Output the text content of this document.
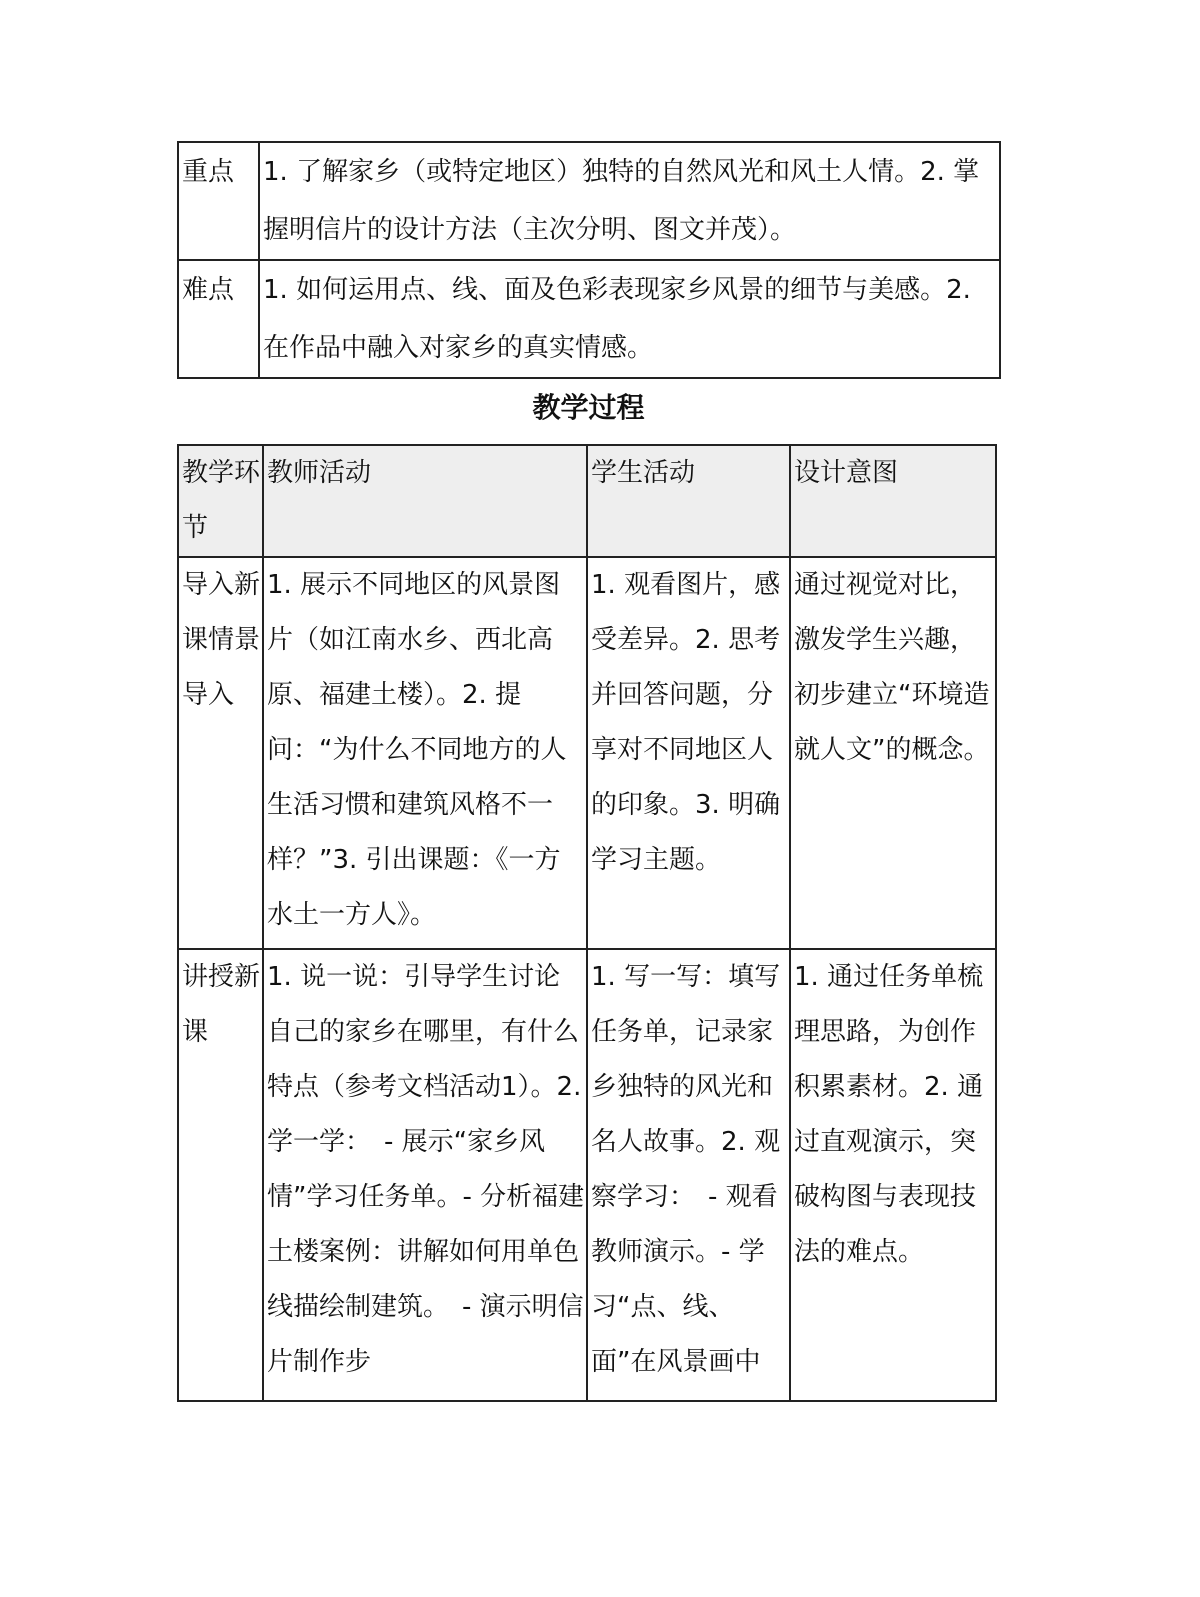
重点	1. 了解家乡（或特定地区）独特的自然风光和风土人情。2. 掌握明信片的设计方法（主次分明、图文并茂）。
难点	1. 如何运用点、线、面及色彩表现家乡风景的细节与美感。2. 在作品中融入对家乡的真实情感。
教学过程
教学环节	教师活动	学生活动	设计意图
导入新课情景导入	1. 展示不同地区的风景图片（如江南水乡、西北高原、福建土楼）。2. 提问：“为什么不同地方的人生活习惯和建筑风格不一样？”3. 引出课题：《一方水土一方人》。	1. 观看图片，感受差异。2. 思考并回答问题，分享对不同地区人的印象。3. 明确学习主题。	通过视觉对比，激发学生兴趣，初步建立“环境造就人文”的概念。
讲授新课	1. 说一说：引导学生讨论自己的家乡在哪里，有什么特点（参考文档活动1）。2. 学一学：　- 展示“家乡风情”学习任务单。- 分析福建土楼案例：讲解如何用单色线描绘制建筑。　- 演示明信片制作步	1. 写一写：填写任务单，记录家乡独特的风光和名人故事。2. 观察学习：　- 观看教师演示。- 学习“点、线、面”在风景画中	1. 通过任务单梳理思路，为创作积累素材。2. 通过直观演示，突破构图与表现技法的难点。
